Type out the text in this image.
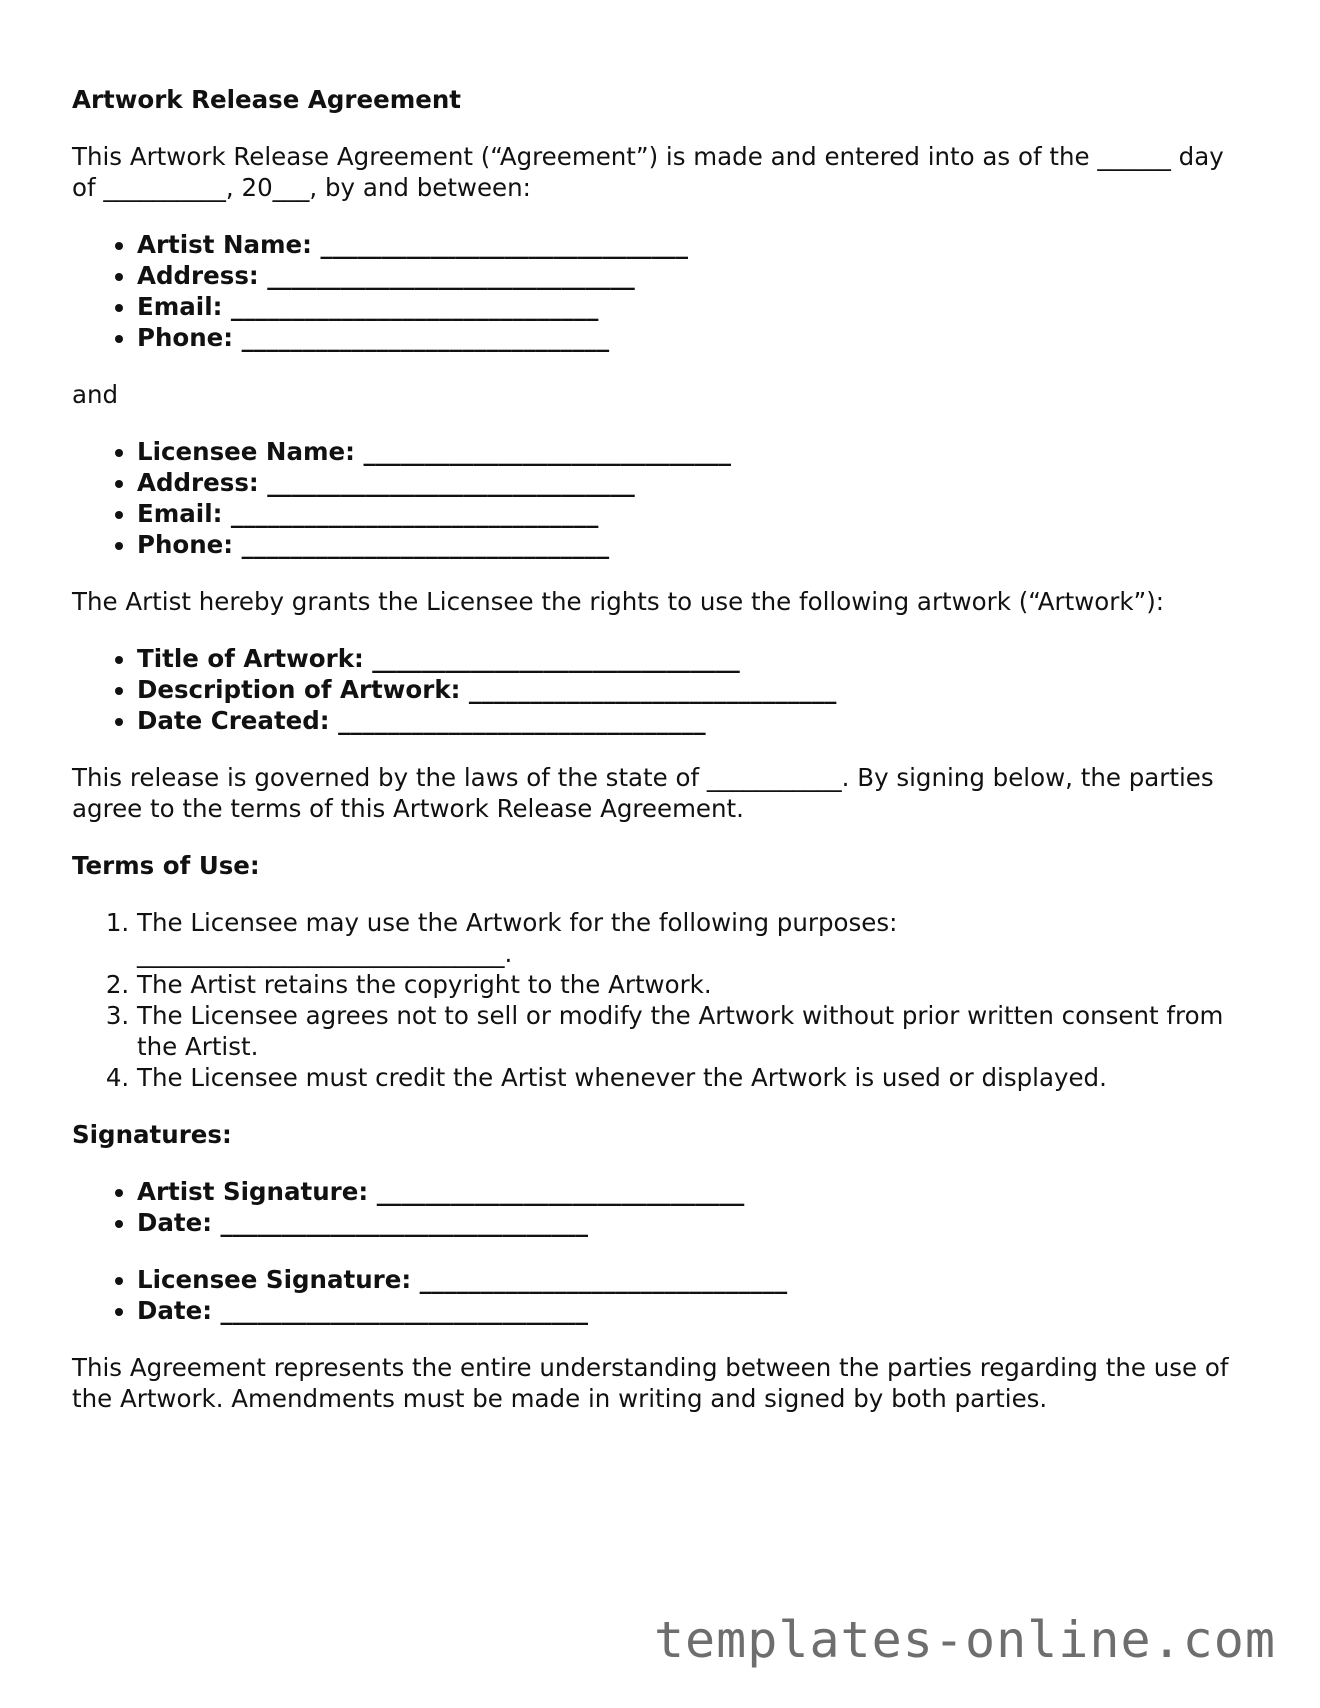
Artwork Release Agreement

This Artwork Release Agreement (“Agreement”) is made and entered into as of the ______ day of __________, 20___, by and between:

• Artist Name: ______________________________
• Address: ______________________________
• Email: ______________________________
• Phone: ______________________________

and

• Licensee Name: ______________________________
• Address: ______________________________
• Email: ______________________________
• Phone: ______________________________

The Artist hereby grants the Licensee the rights to use the following artwork (“Artwork”):

• Title of Artwork: ______________________________
• Description of Artwork: ______________________________
• Date Created: ______________________________

This release is governed by the laws of the state of ___________. By signing below, the parties agree to the terms of this Artwork Release Agreement.

Terms of Use:
1. The Licensee may use the Artwork for the following purposes: ______________________________.
2. The Artist retains the copyright to the Artwork.
3. The Licensee agrees not to sell or modify the Artwork without prior written consent from the Artist.
4. The Licensee must credit the Artist whenever the Artwork is used or displayed.
Signatures:
• Artist Signature: ______________________________
• Date: ______________________________
• Licensee Signature: ______________________________
• Date: ______________________________

This Agreement represents the entire understanding between the parties regarding the use of the Artwork. Amendments must be made in writing and signed by both parties.

templates-online.com
